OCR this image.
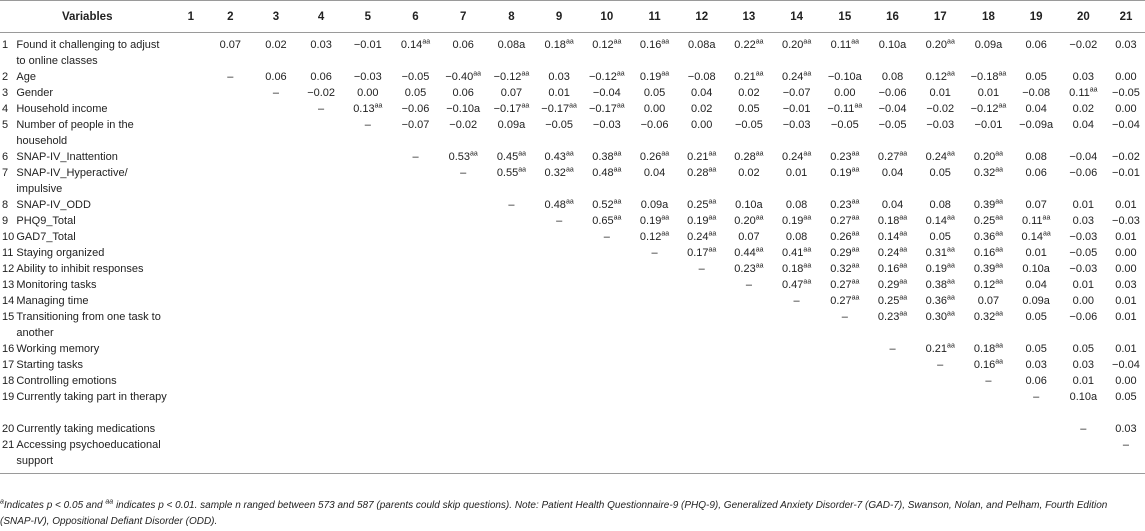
Variables		1	2	3	4	5	6	7	8	9	10	11	12	13	14	15	16	17	18	19	20	21
1	Found it challenging to adjust to online classes		0.07	0.02	0.03	−0.01	0.14$^{aa}$	0.06	0.08a	0.18$^{aa}$	0.12$^{aa}$	0.16$^{aa}$	0.08a	0.22$^{aa}$	0.20$^{aa}$	0.11$^{aa}$	0.10a	0.20$^{aa}$	0.09a	0.06	−0.02	0.03
2	Age		–	0.06	0.06	−0.03	−0.05	−0.40$^{aa}$	−0.12$^{aa}$	0.03	−0.12$^{aa}$	0.19$^{aa}$	−0.08	0.21$^{aa}$	0.24$^{aa}$	−0.10a	0.08	0.12$^{aa}$	−0.18$^{aa}$	0.05	0.03	0.00
3	Gender			–	−0.02	0.00	0.05	0.06	0.07	0.01	−0.04	0.05	0.04	0.02	−0.07	0.00	−0.06	0.01	0.01	−0.08	0.11$^{aa}$	−0.05
4	Household income				–	0.13$^{aa}$	−0.06	−0.10a	−0.17$^{aa}$	−0.17$^{aa}$	−0.17$^{aa}$	0.00	0.02	0.05	−0.01	−0.11$^{aa}$	−0.04	−0.02	−0.12$^{aa}$	0.04	0.02	0.00
5	Number of people in the household					–	−0.07	−0.02	0.09a	−0.05	−0.03	−0.06	0.00	−0.05	−0.03	−0.05	−0.05	−0.03	−0.01	−0.09a	0.04	−0.04
6	SNAP-IV_Inattention						–	0.53$^{aa}$	0.45$^{aa}$	0.43$^{aa}$	0.38$^{aa}$	0.26$^{aa}$	0.21$^{aa}$	0.28$^{aa}$	0.24$^{aa}$	0.23$^{aa}$	0.27$^{aa}$	0.24$^{aa}$	0.20$^{aa}$	0.08	−0.04	−0.02
7	SNAP-IV_Hyperactive/ impulsive							–	0.55$^{aa}$	0.32$^{aa}$	0.48$^{aa}$	0.04	0.28$^{aa}$	0.02	0.01	0.19$^{aa}$	0.04	0.05	0.32$^{aa}$	0.06	−0.06	−0.01
8	SNAP-IV_ODD								–	0.48$^{aa}$	0.52$^{aa}$	0.09a	0.25$^{aa}$	0.10a	0.08	0.23$^{aa}$	0.04	0.08	0.39$^{aa}$	0.07	0.01	0.01
9	PHQ9_Total									–	0.65$^{aa}$	0.19$^{aa}$	0.19$^{aa}$	0.20$^{aa}$	0.19$^{aa}$	0.27$^{aa}$	0.18$^{aa}$	0.14$^{aa}$	0.25$^{aa}$	0.11$^{aa}$	0.03	−0.03
10	GAD7_Total										–	0.12$^{aa}$	0.24$^{aa}$	0.07	0.08	0.26$^{aa}$	0.14$^{aa}$	0.05	0.36$^{aa}$	0.14$^{aa}$	−0.03	0.01
11	Staying organized											–	0.17$^{aa}$	0.44$^{aa}$	0.41$^{aa}$	0.29$^{aa}$	0.24$^{aa}$	0.31$^{aa}$	0.16$^{aa}$	0.01	−0.05	0.00
12	Ability to inhibit responses												–	0.23$^{aa}$	0.18$^{aa}$	0.32$^{aa}$	0.16$^{aa}$	0.19$^{aa}$	0.39$^{aa}$	0.10a	−0.03	0.00
13	Monitoring tasks													–	0.47$^{aa}$	0.27$^{aa}$	0.29$^{aa}$	0.38$^{aa}$	0.12$^{aa}$	0.04	0.01	0.03
14	Managing time														–	0.27$^{aa}$	0.25$^{aa}$	0.36$^{aa}$	0.07	0.09a	0.00	0.01
15	Transitioning from one task to another															–	0.23$^{aa}$	0.30$^{aa}$	0.32$^{aa}$	0.05	−0.06	0.01
16	Working memory																–	0.21$^{aa}$	0.18$^{aa}$	0.05	0.05	0.01
17	Starting tasks																	–	0.16$^{aa}$	0.03	0.03	−0.04
18	Controlling emotions																		–	0.06	0.01	0.00
19	Currently taking part in therapy																			–	0.10a	0.05
20	Currently taking medications																				–	0.03
21	Accessing psychoeducational support																					–
$^a$Indicates p < 0.05 and $^{aa}$ indicates p < 0.01. sample n ranged between 573 and 587 (parents could skip questions). Note: Patient Health Questionnaire-9 (PHQ-9), Generalized Anxiety Disorder-7 (GAD-7), Swanson, Nolan, and Pelham, Fourth Edition (SNAP-IV), Oppositional Defiant Disorder (ODD).
